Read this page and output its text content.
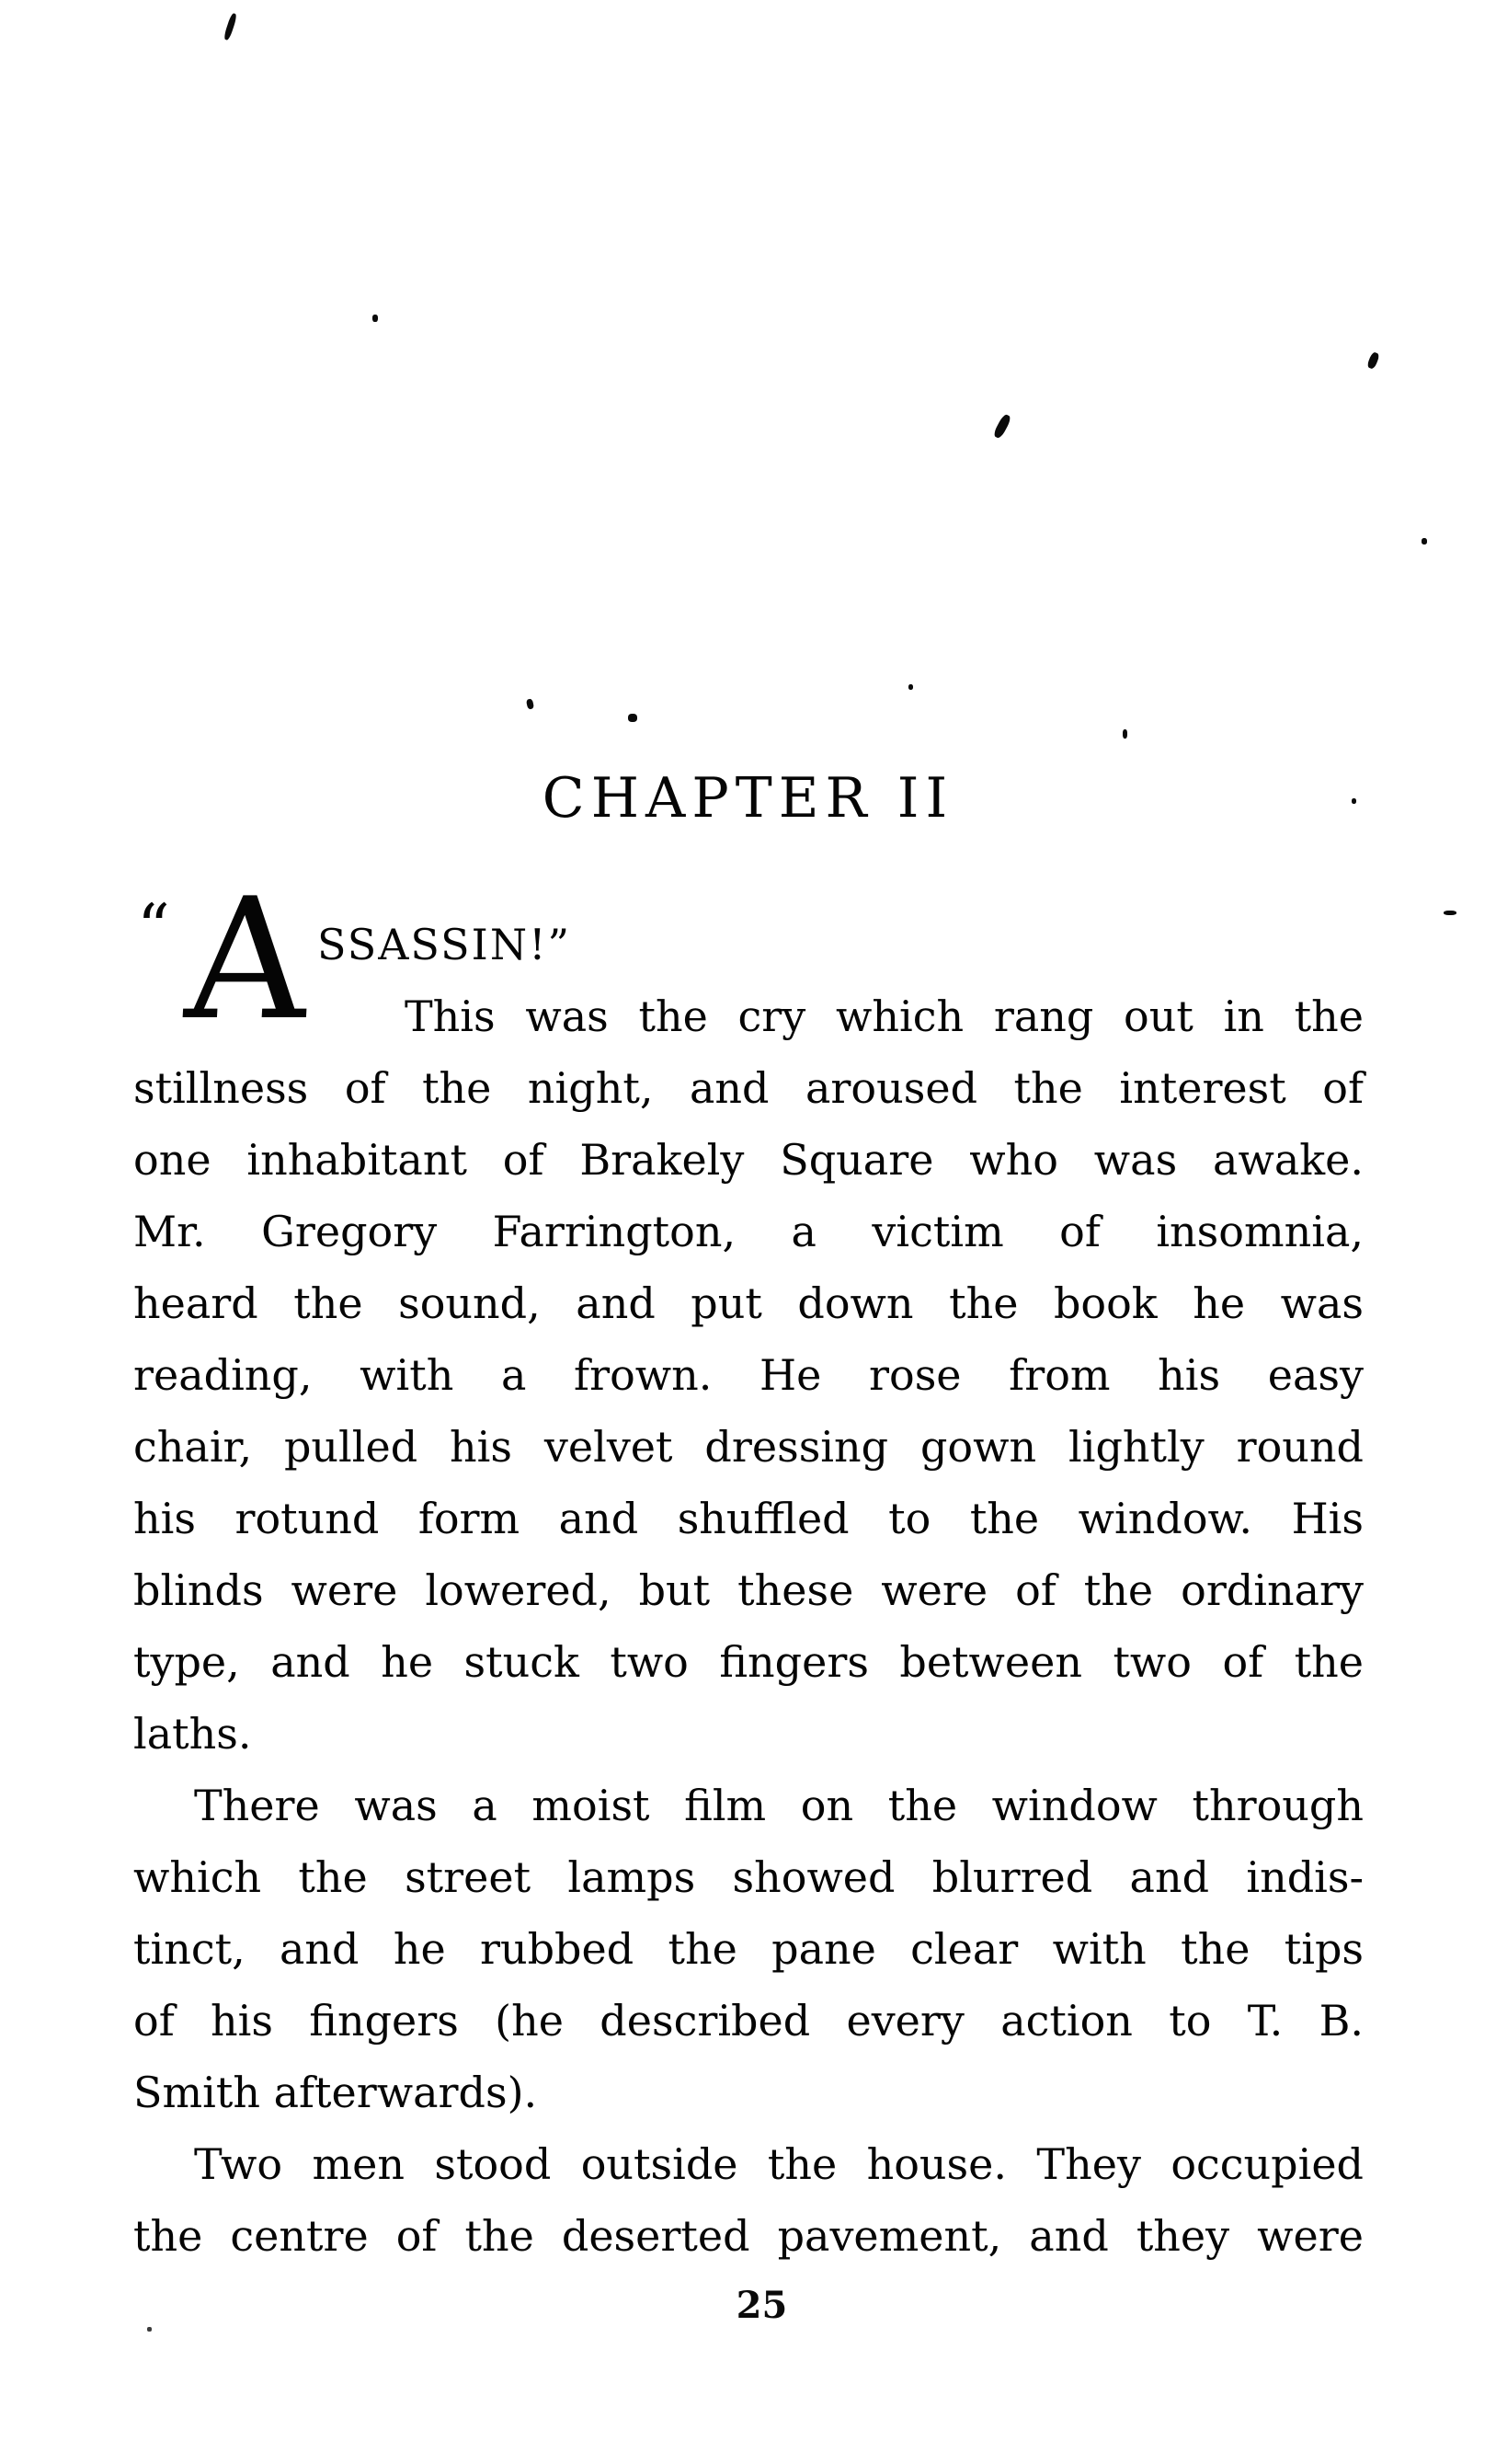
CHAPTER II
“ A SSASSIN!”
This was the cry which rang out in the
stillness of the night, and aroused the interest of
one inhabitant of Brakely Square who was awake.
Mr. Gregory Farrington, a victim of insomnia,
heard the sound, and put down the book he was
reading, with a frown. He rose from his easy
chair, pulled his velvet dressing gown lightly round
his rotund form and shuffled to the window. His
blinds were lowered, but these were of the ordinary
type, and he stuck two fingers between two of the
laths.
There was a moist film on the window through
which the street lamps showed blurred and indis-
tinct, and he rubbed the pane clear with the tips
of his fingers (he described every action to T. B.
Smith afterwards).
Two men stood outside the house. They occupied
the centre of the deserted pavement, and they were
25
